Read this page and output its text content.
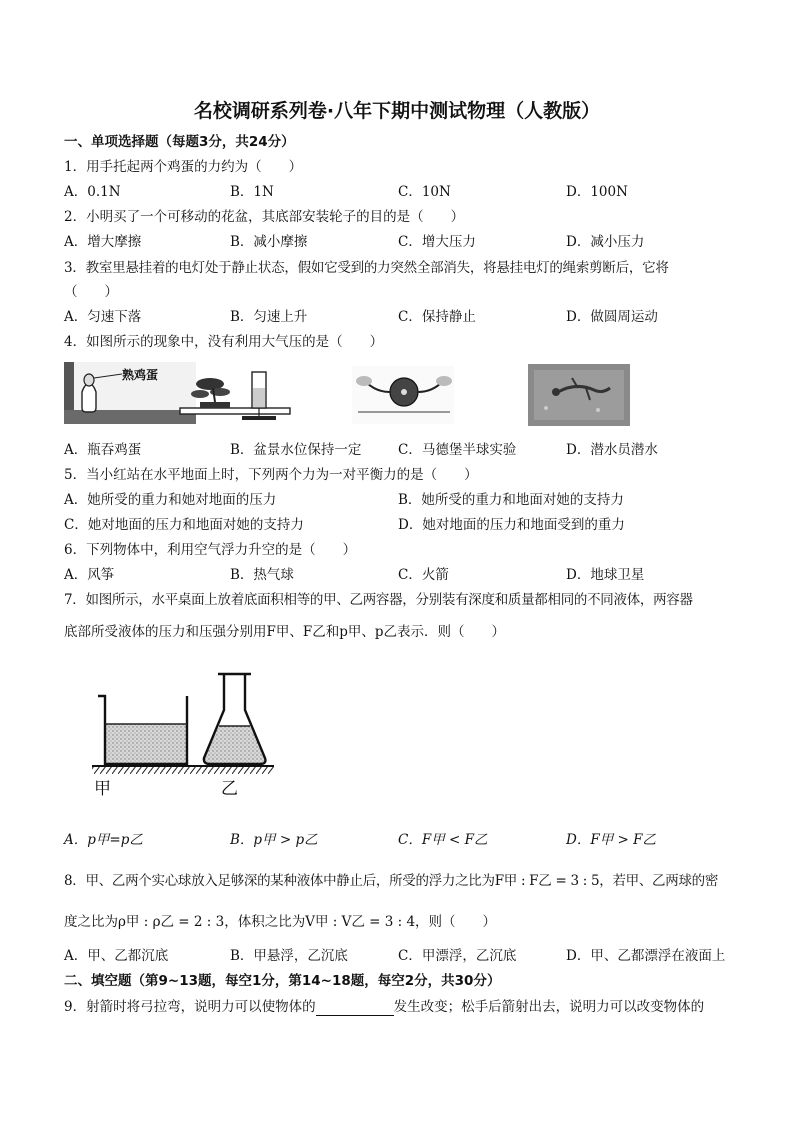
名校调研系列卷·八年下期中测试物理（人教版）
一、单项选择题（每题3分，共24分）
1．用手托起两个鸡蛋的力约为（　　）
A．0.1N	B．1N	C．10N	D．100N
2．小明买了一个可移动的花盆，其底部安装轮子的目的是（　　）
A．增大摩擦	B．减小摩擦	C．增大压力	D．减小压力
3．教室里悬挂着的电灯处于静止状态，假如它受到的力突然全部消失，将悬挂电灯的绳索剪断后，它将
（　　）
A．匀速下落	B．匀速上升	C．保持静止	D．做圆周运动
4．如图所示的现象中，没有利用大气压的是（　　）
熟鸡蛋
A．瓶吞鸡蛋	B．盆景水位保持一定	C．马德堡半球实验	D．潜水员潜水
5．当小红站在水平地面上时，下列两个力为一对平衡力的是（　　）
A．她所受的重力和她对地面的压力	B．她所受的重力和地面对她的支持力
C．她对地面的压力和地面对她的支持力	D．她对地面的压力和地面受到的重力
6．下列物体中，利用空气浮力升空的是（　　）
A．风筝	B．热气球	C．火箭	D．地球卫星
7．如图所示，水平桌面上放着底面积相等的甲、乙两容器，分别装有深度和质量都相同的不同液体，两容器
底部所受液体的压力和压强分别用F甲、F乙和p甲、p乙表示．则（　　）
甲	乙
A．p甲=p乙	B．p甲 > p乙	C．F甲 < F乙	D．F甲 > F乙
8．甲、乙两个实心球放入足够深的某种液体中静止后，所受的浮力之比为F甲 : F乙 = 3 : 5，若甲、乙两球的密
度之比为ρ甲 : ρ乙 = 2 : 3，体积之比为V甲 : V乙 = 3 : 4，则（　　）
A．甲、乙都沉底	B．甲悬浮，乙沉底	C．甲漂浮，乙沉底	D．甲、乙都漂浮在液面上
二、填空题（第9~13题，每空1分，第14~18题，每空2分，共30分）
9．射箭时将弓拉弯，说明力可以使物体的	发生改变；松手后箭射出去，说明力可以改变物体的
